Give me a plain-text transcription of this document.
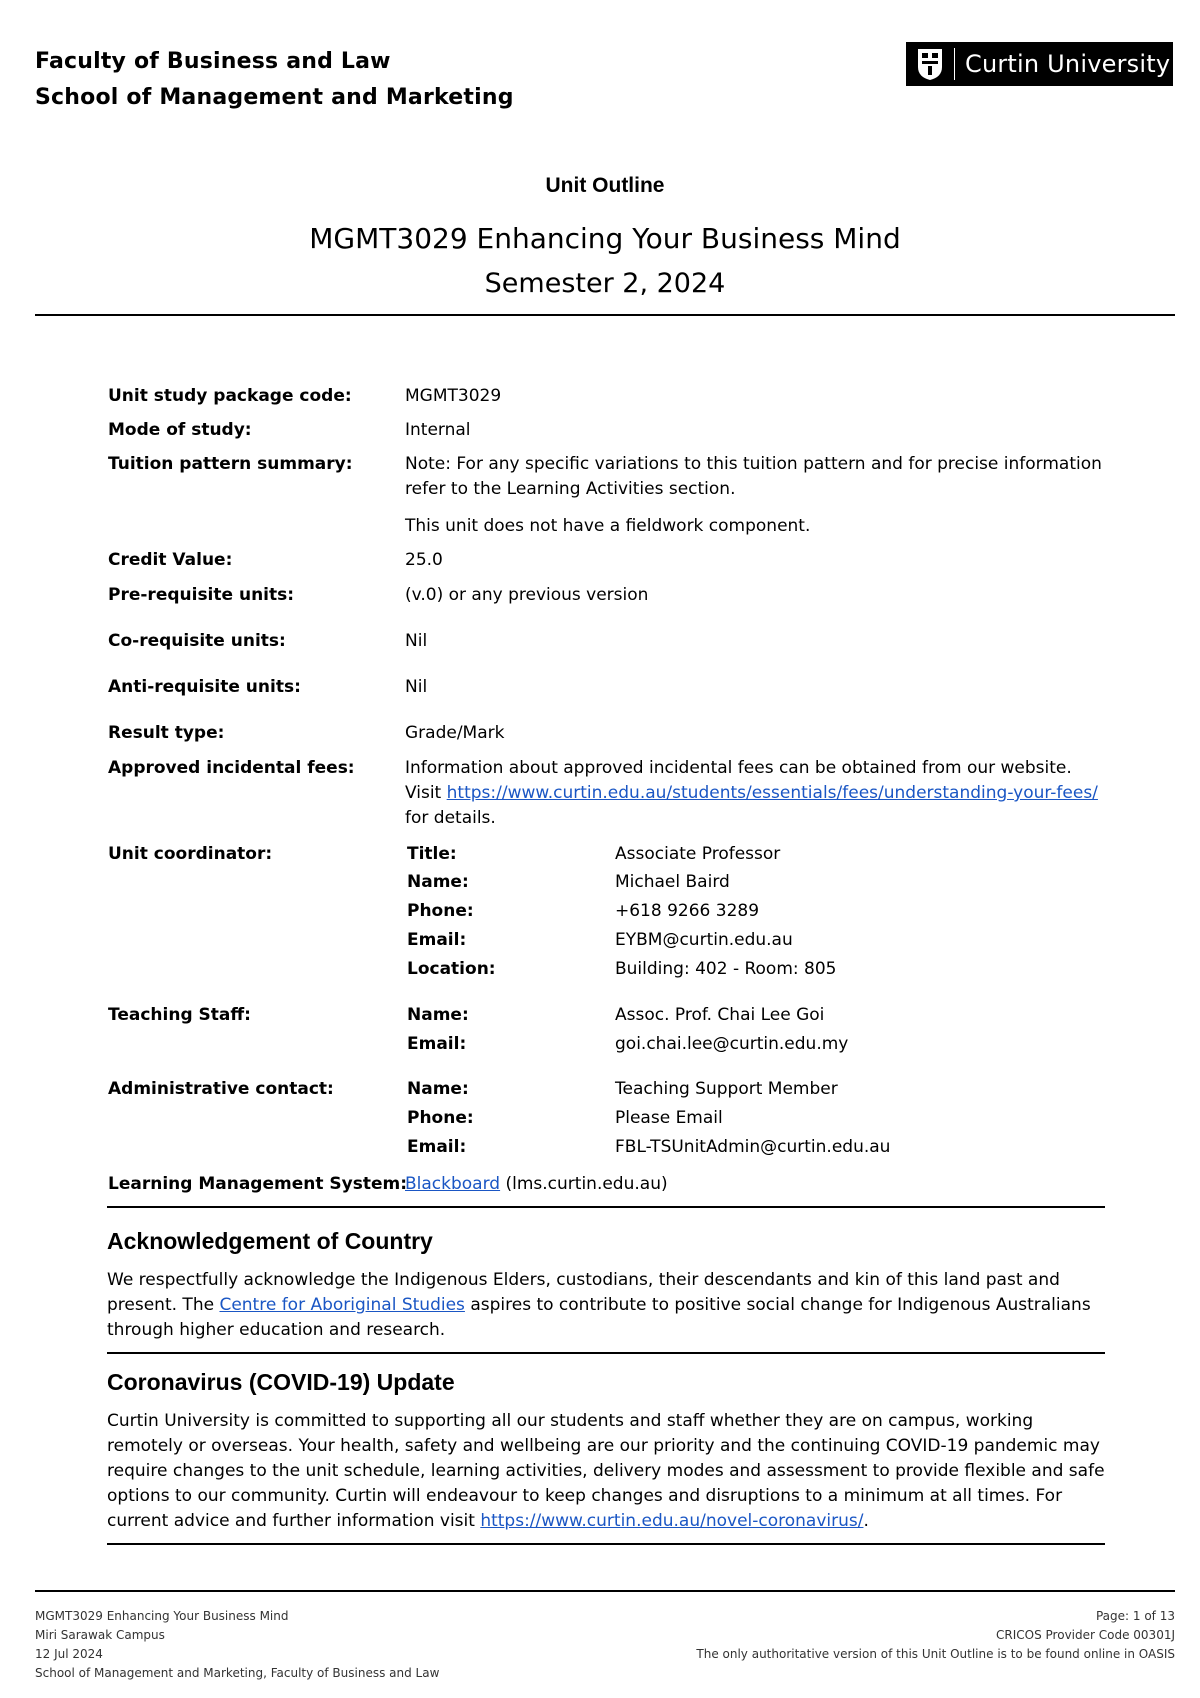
Faculty of Business and Law
School of Management and Marketing
Curtin University
Unit Outline
MGMT3029 Enhancing Your Business Mind
Semester 2, 2024
Unit study package code:	MGMT3029
Mode of study:	Internal
Tuition pattern summary:	Note: For any specific variations to this tuition pattern and for precise information refer to the Learning Activities section.
This unit does not have a fieldwork component.
Credit Value:	25.0
Pre-requisite units:	(v.0) or any previous version
Co-requisite units:	Nil
Anti-requisite units:	Nil
Result type:	Grade/Mark
Approved incidental fees:	Information about approved incidental fees can be obtained from our website. Visit https://www.curtin.edu.au/students/essentials/fees/understanding-your-fees/ for details.
Unit coordinator:	Title:	Associate Professor
Name:	Michael Baird
Phone:	+618 9266 3289
Email:	EYBM@curtin.edu.au
Location:	Building: 402 - Room: 805
Teaching Staff:	Name:	Assoc. Prof. Chai Lee Goi
Email:	goi.chai.lee@curtin.edu.my
Administrative contact:	Name:	Teaching Support Member
Phone:	Please Email
Email:	FBL-TSUnitAdmin@curtin.edu.au
Learning Management System:
Blackboard (lms.curtin.edu.au)
Acknowledgement of Country
We respectfully acknowledge the Indigenous Elders, custodians, their descendants and kin of this land past and present. The Centre for Aboriginal Studies aspires to contribute to positive social change for Indigenous Australians through higher education and research.
Coronavirus (COVID-19) Update
Curtin University is committed to supporting all our students and staff whether they are on campus, working remotely or overseas. Your health, safety and wellbeing are our priority and the continuing COVID-19 pandemic may require changes to the unit schedule, learning activities, delivery modes and assessment to provide flexible and safe options to our community. Curtin will endeavour to keep changes and disruptions to a minimum at all times. For current advice and further information visit https://www.curtin.edu.au/novel-coronavirus/.
MGMT3029 Enhancing Your Business Mind
Miri Sarawak Campus
12 Jul 2024
School of Management and Marketing, Faculty of Business and Law
Page: 1 of 13
CRICOS Provider Code 00301J
The only authoritative version of this Unit Outline is to be found online in OASIS
